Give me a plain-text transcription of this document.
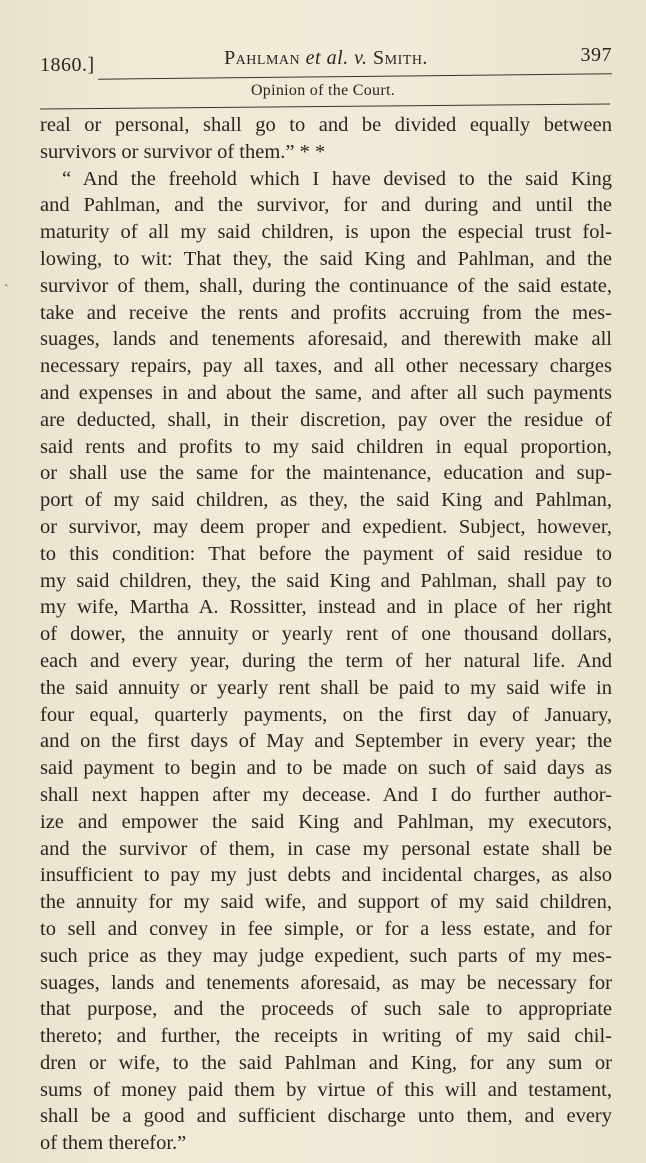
1860.]	Pahlman et al. v. Smith.	397
Opinion of the Court.
`
real or personal, shall go to and be divided equally between
survivors or survivor of them.” * *
“ And the freehold which I have devised to the said King
and Pahlman, and the survivor, for and during and until the
maturity of all my said children, is upon the especial trust fol-
lowing, to wit: That they, the said King and Pahlman, and the
survivor of them, shall, during the continuance of the said estate,
take and receive the rents and profits accruing from the mes-
suages, lands and tenements aforesaid, and therewith make all
necessary repairs, pay all taxes, and all other necessary charges
and expenses in and about the same, and after all such payments
are deducted, shall, in their discretion, pay over the residue of
said rents and profits to my said children in equal proportion,
or shall use the same for the maintenance, education and sup-
port of my said children, as they, the said King and Pahlman,
or survivor, may deem proper and expedient. Subject, however,
to this condition: That before the payment of said residue to
my said children, they, the said King and Pahlman, shall pay to
my wife, Martha A. Rossitter, instead and in place of her right
of dower, the annuity or yearly rent of one thousand dollars,
each and every year, during the term of her natural life. And
the said annuity or yearly rent shall be paid to my said wife in
four equal, quarterly payments, on the first day of January,
and on the first days of May and September in every year; the
said payment to begin and to be made on such of said days as
shall next happen after my decease. And I do further author-
ize and empower the said King and Pahlman, my executors,
and the survivor of them, in case my personal estate shall be
insufficient to pay my just debts and incidental charges, as also
the annuity for my said wife, and support of my said children,
to sell and convey in fee simple, or for a less estate, and for
such price as they may judge expedient, such parts of my mes-
suages, lands and tenements aforesaid, as may be necessary for
that purpose, and the proceeds of such sale to appropriate
thereto; and further, the receipts in writing of my said chil-
dren or wife, to the said Pahlman and King, for any sum or
sums of money paid them by virtue of this will and testament,
shall be a good and sufficient discharge unto them, and every
of them therefor.”
